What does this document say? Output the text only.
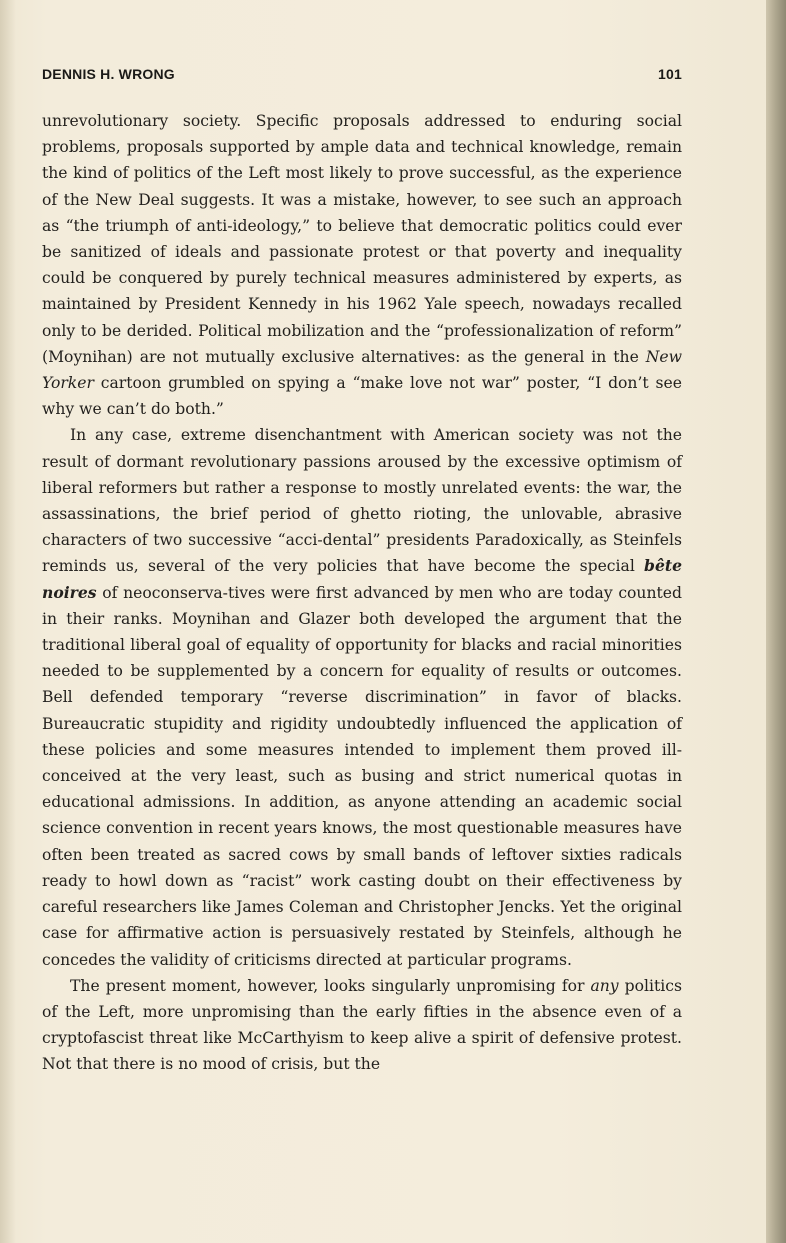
DENNIS H. WRONG	101

unrevolutionary society. Specific proposals addressed to enduring social problems, proposals supported by ample data and technical knowledge, remain the kind of politics of the Left most likely to prove successful, as the experience of the New Deal suggests. It was a mistake, however, to see such an approach as “the triumph of anti-ideology,” to believe that democratic politics could ever be sanitized of ideals and passionate protest or that poverty and inequality could be conquered by purely technical measures administered by experts, as maintained by President Kennedy in his 1962 Yale speech, nowadays recalled only to be derided. Political mobilization and the “professionalization of reform” (Moynihan) are not mutually exclusive alternatives: as the general in the New Yorker cartoon grumbled on spying a “make love not war” poster, “I don’t see why we can’t do both.”

In any case, extreme disenchantment with American society was not the result of dormant revolutionary passions aroused by the excessive optimism of liberal reformers but rather a response to mostly unrelated events: the war, the assassinations, the brief period of ghetto rioting, the unlovable, abrasive characters of two successive “acci-dental” presidents Paradoxically, as Steinfels reminds us, several of the very policies that have become the special bête noires of neoconserva-tives were first advanced by men who are today counted in their ranks. Moynihan and Glazer both developed the argument that the traditional liberal goal of equality of opportunity for blacks and racial minorities needed to be supplemented by a concern for equality of results or outcomes. Bell defended temporary “reverse discrimination” in favor of blacks. Bureaucratic stupidity and rigidity undoubtedly influenced the application of these policies and some measures intended to implement them proved ill-conceived at the very least, such as busing and strict numerical quotas in educational admissions. In addition, as anyone attending an academic social science convention in recent years knows, the most questionable measures have often been treated as sacred cows by small bands of leftover sixties radicals ready to howl down as “racist” work casting doubt on their effectiveness by careful researchers like James Coleman and Christopher Jencks. Yet the original case for affirmative action is persuasively restated by Steinfels, although he concedes the validity of criticisms directed at particular programs.

The present moment, however, looks singularly unpromising for any politics of the Left, more unpromising than the early fifties in the absence even of a cryptofascist threat like McCarthyism to keep alive a spirit of defensive protest. Not that there is no mood of crisis, but the
